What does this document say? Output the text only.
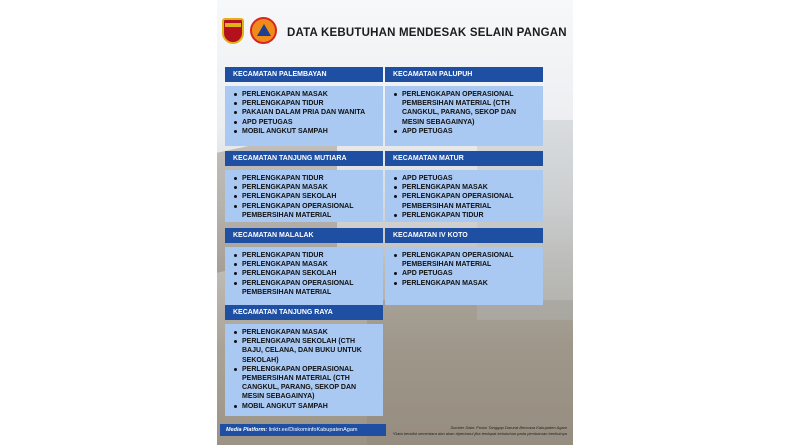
DATA KEBUTUHAN MENDESAK SELAIN PANGAN
KECAMATAN PALEMBAYAN
PERLENGKAPAN MASAK
PERLENGKAPAN TIDUR
PAKAIAN DALAM PRIA DAN WANITA
APD PETUGAS
MOBIL ANGKUT SAMPAH
KECAMATAN PALUPUH
PERLENGKAPAN OPERASIONAL PEMBERSIHAN MATERIAL (CTH CANGKUL, PARANG, SEKOP DAN MESIN SEBAGAINYA)
APD PETUGAS
KECAMATAN TANJUNG MUTIARA
PERLENGKAPAN TIDUR
PERLENGKAPAN MASAK
PERLENGKAPAN SEKOLAH
PERLENGKAPAN OPERASIONAL PEMBERSIHAN MATERIAL
KECAMATAN MATUR
APD PETUGAS
PERLENGKAPAN MASAK
PERLENGKAPAN OPERASIONAL PEMBERSIHAN MATERIAL
PERLENGKAPAN TIDUR
KECAMATAN MALALAK
PERLENGKAPAN TIDUR
PERLENGKAPAN MASAK
PERLENGKAPAN SEKOLAH
PERLENGKAPAN OPERASIONAL PEMBERSIHAN MATERIAL
KECAMATAN IV KOTO
PERLENGKAPAN OPERASIONAL PEMBERSIHAN MATERIAL
APD PETUGAS
PERLENGKAPAN MASAK
KECAMATAN TANJUNG RAYA
PERLENGKAPAN MASAK
PERLENGKAPAN SEKOLAH (CTH BAJU, CELANA, DAN BUKU UNTUK SEKOLAH)
PERLENGKAPAN OPERASIONAL PEMBERSIHAN MATERIAL (CTH CANGKUL, PARANG, SEKOP DAN MESIN SEBAGAINYA)
MOBIL ANGKUT SAMPAH
Media Platform: linktr.ee/DiskominfoKabupatenAgam	Sumber Data: Posko Tanggap Darurat Bencana Kabupaten Agam
*Data bersifat sementara dan akan diperbarui jika terdapat kebutuhan pada pembaruan berikutnya
